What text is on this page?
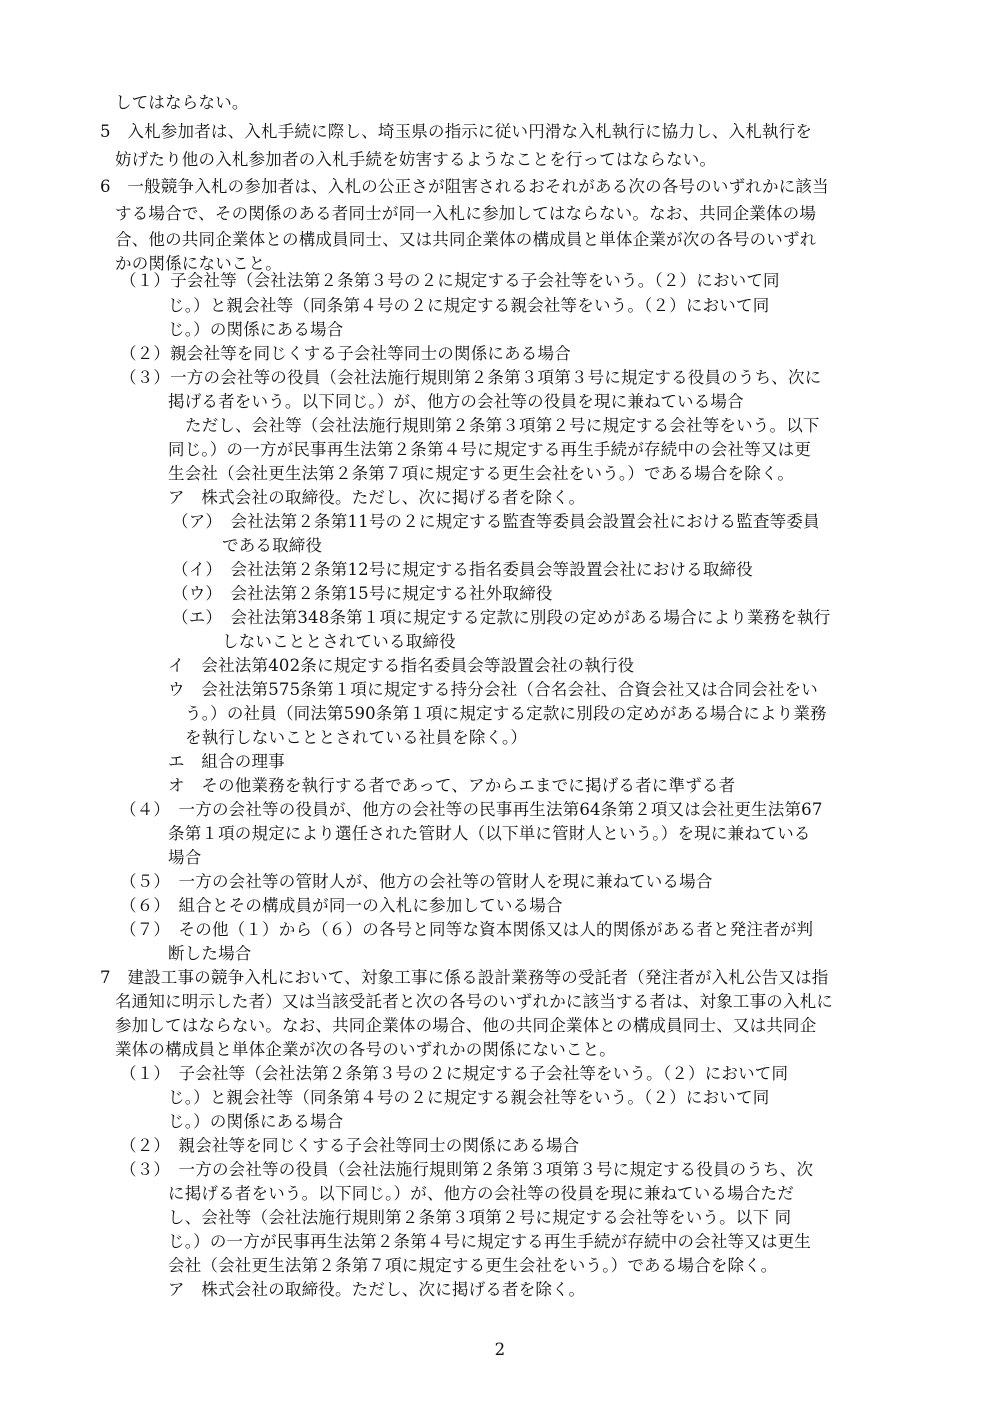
してはならない。
5　入札参加者は、入札手続に際し、埼玉県の指示に従い円滑な入札執行に協力し、入札執行を
妨げたり他の入札参加者の入札手続を妨害するようなことを行ってはならない。
6　一般競争入札の参加者は、入札の公正さが阻害されるおそれがある次の各号のいずれかに該当
する場合で、その関係のある者同士が同一入札に参加してはならない。なお、共同企業体の場
合、他の共同企業体との構成員同士、又は共同企業体の構成員と単体企業が次の各号のいずれ
かの関係にないこと。
（１）子会社等（会社法第２条第３号の２に規定する子会社等をいう。（２）において同
じ。）と親会社等（同条第４号の２に規定する親会社等をいう。（２）において同
じ。）の関係にある場合
（２）親会社等を同じくする子会社等同士の関係にある場合
（３）一方の会社等の役員（会社法施行規則第２条第３項第３号に規定する役員のうち、次に
掲げる者をいう。以下同じ。）が、他方の会社等の役員を現に兼ねている場合
ただし、会社等（会社法施行規則第２条第３項第２号に規定する会社等をいう。以下
同じ。）の一方が民事再生法第２条第４号に規定する再生手続が存続中の会社等又は更
生会社（会社更生法第２条第７項に規定する更生会社をいう。）である場合を除く。
ア　株式会社の取締役。ただし、次に掲げる者を除く。
（ア）　会社法第２条第11号の２に規定する監査等委員会設置会社における監査等委員
である取締役
（イ）　会社法第２条第12号に規定する指名委員会等設置会社における取締役
（ウ）　会社法第２条第15号に規定する社外取締役
（エ）　会社法第348条第１項に規定する定款に別段の定めがある場合により業務を執行
しないこととされている取締役
イ　会社法第402条に規定する指名委員会等設置会社の執行役
ウ　会社法第575条第１項に規定する持分会社（合名会社、合資会社又は合同会社をい
う。）の社員（同法第590条第１項に規定する定款に別段の定めがある場合により業務
を執行しないこととされている社員を除く。）
エ　組合の理事
オ　その他業務を執行する者であって、アからエまでに掲げる者に準ずる者
（４）　一方の会社等の役員が、他方の会社等の民事再生法第64条第２項又は会社更生法第67
条第１項の規定により選任された管財人（以下単に管財人という。）を現に兼ねている
場合
（５）　一方の会社等の管財人が、他方の会社等の管財人を現に兼ねている場合
（６）　組合とその構成員が同一の入札に参加している場合
（７）　その他（１）から（６）の各号と同等な資本関係又は人的関係がある者と発注者が判
断した場合
7　建設工事の競争入札において、対象工事に係る設計業務等の受託者（発注者が入札公告又は指
名通知に明示した者）又は当該受託者と次の各号のいずれかに該当する者は、対象工事の入札に
参加してはならない。なお、共同企業体の場合、他の共同企業体との構成員同士、又は共同企
業体の構成員と単体企業が次の各号のいずれかの関係にないこと。
（１）　子会社等（会社法第２条第３号の２に規定する子会社等をいう。（２）において同
じ。）と親会社等（同条第４号の２に規定する親会社等をいう。（２）において同
じ。）の関係にある場合
（２）　親会社等を同じくする子会社等同士の関係にある場合
（３）　一方の会社等の役員（会社法施行規則第２条第３項第３号に規定する役員のうち、次
に掲げる者をいう。以下同じ。）が、他方の会社等の役員を現に兼ねている場合ただ
し、会社等（会社法施行規則第２条第３項第２号に規定する会社等をいう。以下 同
じ。）の一方が民事再生法第２条第４号に規定する再生手続が存続中の会社等又は更生
会社（会社更生法第２条第７項に規定する更生会社をいう。）である場合を除く。
ア　株式会社の取締役。ただし、次に掲げる者を除く。
2
